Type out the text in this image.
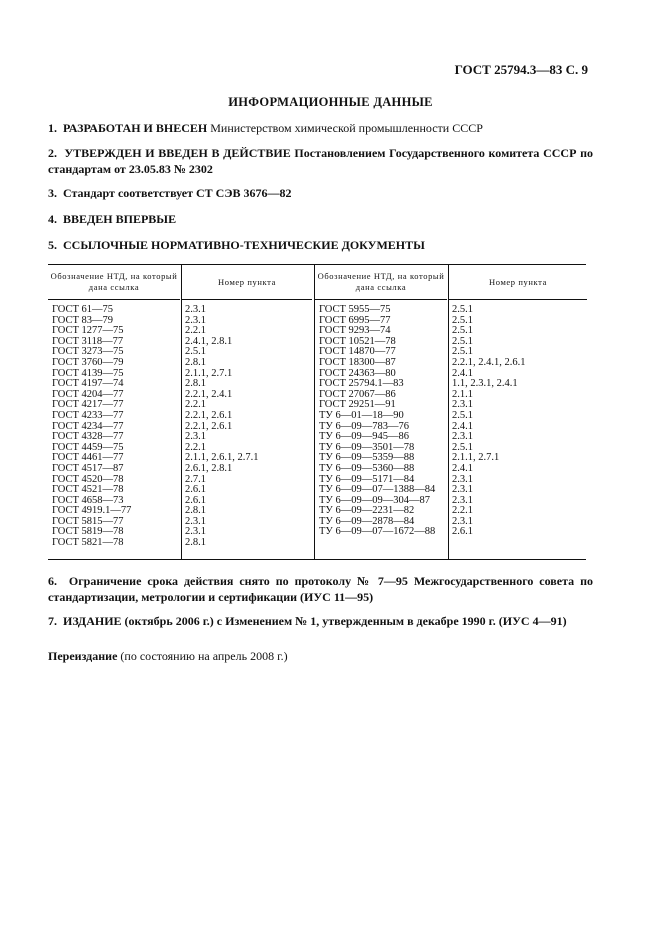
ГОСТ 25794.3—83 С. 9
ИНФОРМАЦИОННЫЕ ДАННЫЕ
1. РАЗРАБОТАН И ВНЕСЕН Министерством химической промышленности СССР
2. УТВЕРЖДЕН И ВВЕДЕН В ДЕЙСТВИЕ Постановлением Государственного комитета СССР по стандартам от 23.05.83 № 2302
3. Стандарт соответствует СТ СЭВ 3676—82
4. ВВЕДЕН ВПЕРВЫЕ
5. ССЫЛОЧНЫЕ НОРМАТИВНО-ТЕХНИЧЕСКИЕ ДОКУМЕНТЫ
Обозначение НТД, на который дана ссылка
ГОСТ 61—75
ГОСТ 83—79
ГОСТ 1277—75
ГОСТ 3118—77
ГОСТ 3273—75
ГОСТ 3760—79
ГОСТ 4139—75
ГОСТ 4197—74
ГОСТ 4204—77
ГОСТ 4217—77
ГОСТ 4233—77
ГОСТ 4234—77
ГОСТ 4328—77
ГОСТ 4459—75
ГОСТ 4461—77
ГОСТ 4517—87
ГОСТ 4520—78
ГОСТ 4521—78
ГОСТ 4658—73
ГОСТ 4919.1—77
ГОСТ 5815—77
ГОСТ 5819—78
ГОСТ 5821—78
Номер пункта
2.3.1
2.3.1
2.2.1
2.4.1, 2.8.1
2.5.1
2.8.1
2.1.1, 2.7.1
2.8.1
2.2.1, 2.4.1
2.2.1
2.2.1, 2.6.1
2.2.1, 2.6.1
2.3.1
2.2.1
2.1.1, 2.6.1, 2.7.1
2.6.1, 2.8.1
2.7.1
2.6.1
2.6.1
2.8.1
2.3.1
2.3.1
2.8.1
Обозначение НТД, на который дана ссылка
ГОСТ 5955—75
ГОСТ 6995—77
ГОСТ 9293—74
ГОСТ 10521—78
ГОСТ 14870—77
ГОСТ 18300—87
ГОСТ 24363—80
ГОСТ 25794.1—83
ГОСТ 27067—86
ГОСТ 29251—91
ТУ 6—01—18—90
ТУ 6—09—783—76
ТУ 6—09—945—86
ТУ 6—09—3501—78
ТУ 6—09—5359—88
ТУ 6—09—5360—88
ТУ 6—09—5171—84
ТУ 6—09—07—1388—84
ТУ 6—09—09—304—87
ТУ 6—09—2231—82
ТУ 6—09—2878—84
ТУ 6—09—07—1672—88
Номер пункта
2.5.1
2.5.1
2.5.1
2.5.1
2.5.1
2.2.1, 2.4.1, 2.6.1
2.4.1
1.1, 2.3.1, 2.4.1
2.1.1
2.3.1
2.5.1
2.4.1
2.3.1
2.5.1
2.1.1, 2.7.1
2.4.1
2.3.1
2.3.1
2.3.1
2.2.1
2.3.1
2.6.1
6. Ограничение срока действия снято по протоколу № 7—95 Межгосударственного совета по стандартизации, метрологии и сертификации (ИУС 11—95)
7. ИЗДАНИЕ (октябрь 2006 г.) с Изменением № 1, утвержденным в декабре 1990 г. (ИУС 4—91)
Переиздание (по состоянию на апрель 2008 г.)
